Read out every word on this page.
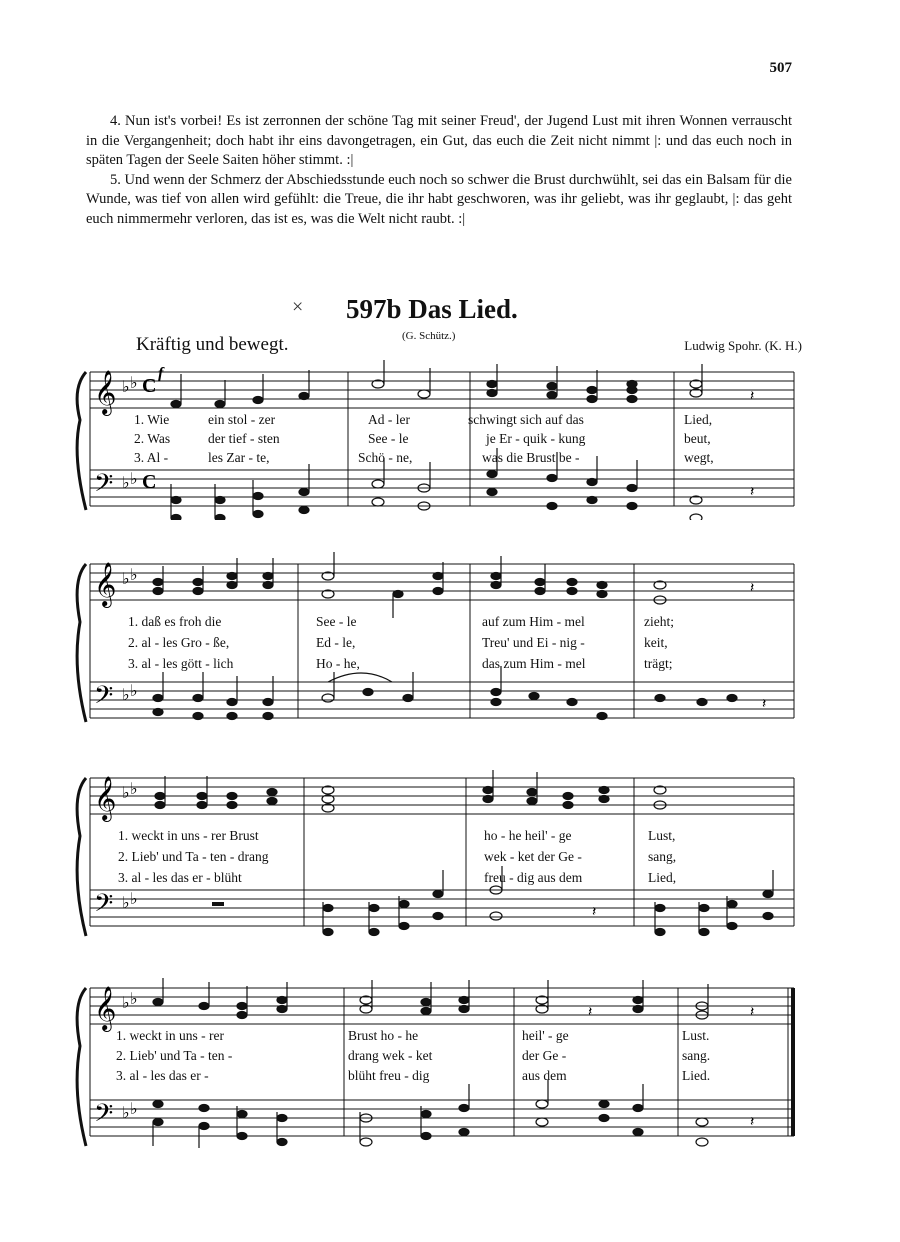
507

4. Nun ist's vorbei! Es ist zerronnen der schöne Tag mit seiner Freud', der Jugend Lust mit ihren Wonnen verrauscht in die Vergangenheit; doch habt ihr eins davongetragen, ein Gut, das euch die Zeit nicht nimmt |: und das euch noch in späten Tagen der Seele Saiten höher stimmt. :|

5. Und wenn der Schmerz der Abschiedsstunde euch noch so schwer die Brust durchwühlt, sei das ein Balsam für die Wunde, was tief von allen wird gefühlt: die Treue, die ihr habt geschworen, was ihr geliebt, was ihr geglaubt, |: das geht euch nimmermehr verloren, das ist es, was die Welt nicht raubt. :|

× 597b Das Lied.
(G. Schütz.)
Kräftig und bewegt.	Ludwig Spohr. (K. H.)
𝄞
𝄢
♭ ♭
♭ ♭
C
C
f
𝄽
𝄽
1. Wie	ein stol - zer	Ad - ler	schwingt sich auf das	Lied,
2. Was	der tief - sten	See - le	je Er - quik - kung	beut,
3. Al -	les Zar - te,	Schö - ne,	was die Brust be -	wegt,
𝄞
𝄢
♭ ♭
♭ ♭
𝄽
𝄽
1. daß es froh die	See - le	auf zum Him - mel	zieht;
2. al - les Gro - ße,	Ed - le,	Treu' und Ei - nig -	keit,
3. al - les gött - lich	Ho - he,	das zum Him - mel	trägt;
𝄞
𝄢
♭ ♭
♭ ♭
𝄽
1. weckt in uns - rer Brust	ho - he heil' - ge	Lust,
2. Lieb' und Ta - ten - drang	wek - ket der Ge -	sang,
3. al - les das er - blüht	freu - dig aus dem	Lied,
𝄞
𝄢
♭ ♭
♭ ♭
𝄽	𝄽
𝄽
1. weckt in uns - rer	Brust ho - he	heil' - ge	Lust.
2. Lieb' und Ta - ten -	drang wek - ket	der Ge -	sang.
3. al - les das er -	blüht freu - dig	aus dem	Lied.
